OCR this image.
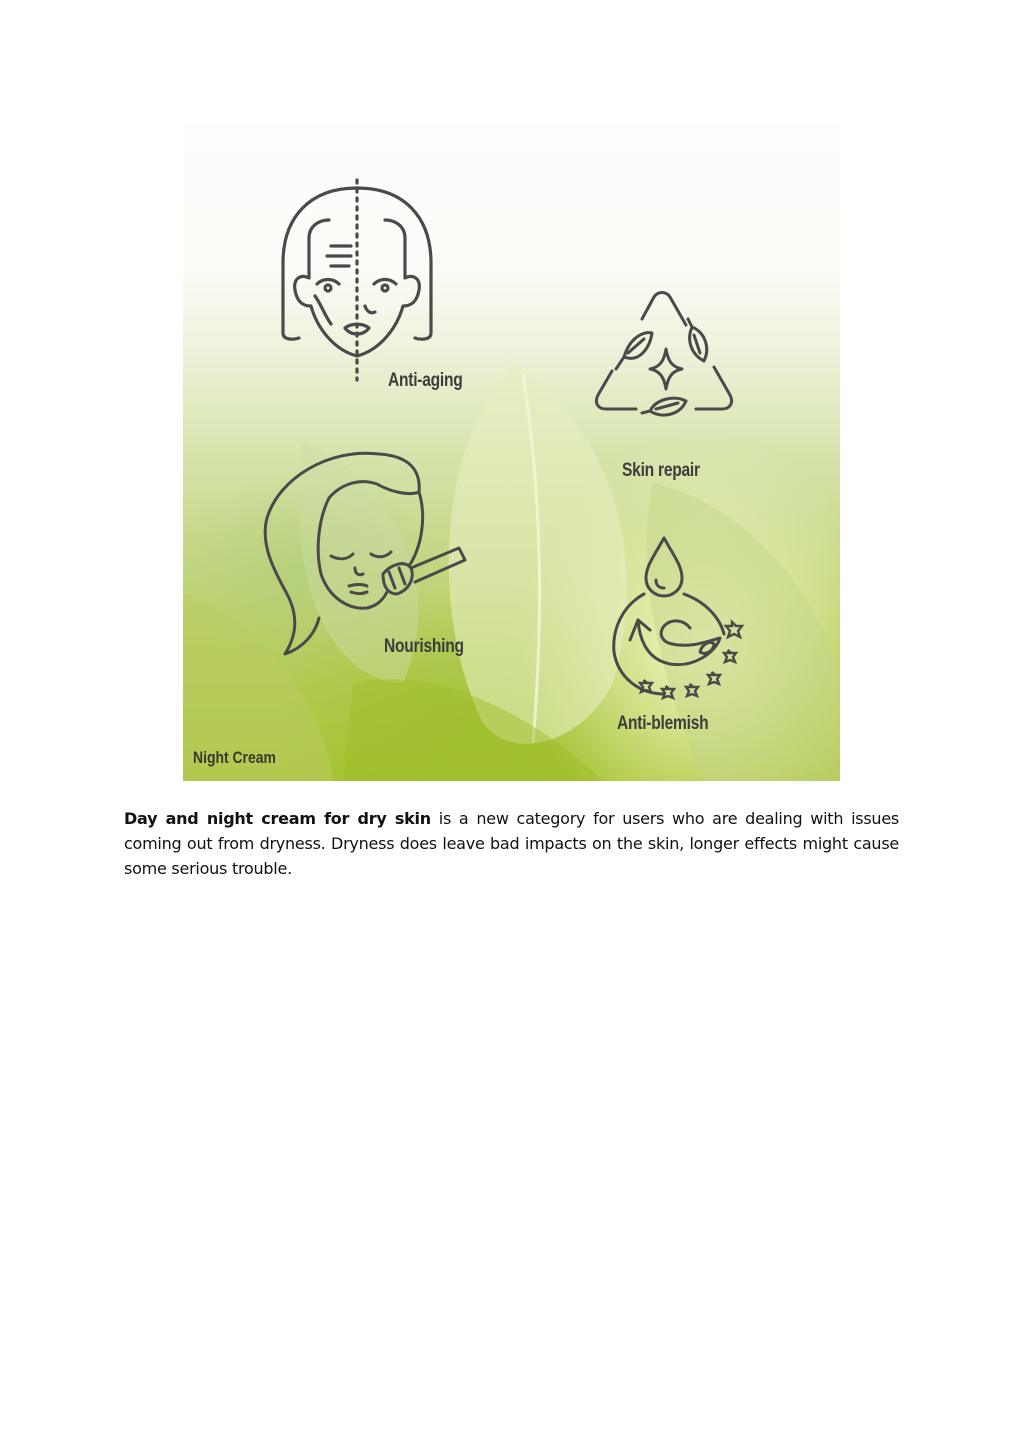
Anti-aging
Skin repair
Nourishing
Anti-blemish
Night Cream

Day and night cream for dry skin is a new category for users who are dealing with issues coming out from dryness. Dryness does leave bad impacts on the skin, longer effects might cause some serious trouble.
